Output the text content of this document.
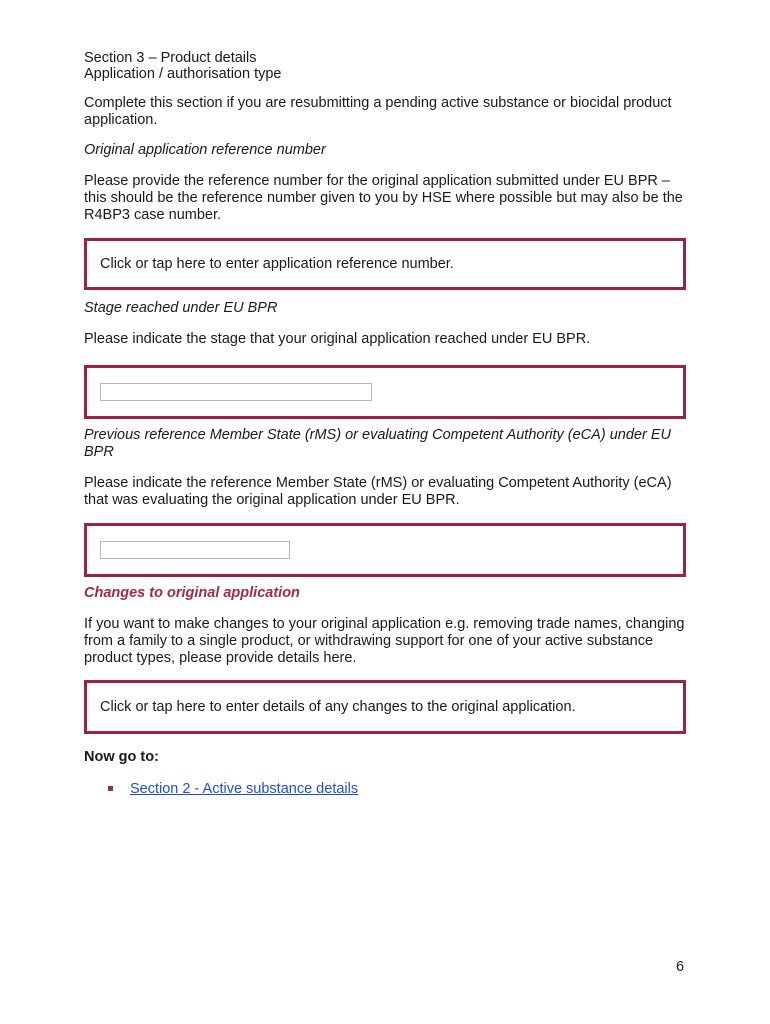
Section 3 – Product details
Application / authorisation type

Complete this section if you are resubmitting a pending active substance or biocidal product application.

Original application reference number

Please provide the reference number for the original application submitted under EU BPR – this should be the reference number given to you by HSE where possible but may also be the R4BP3 case number.

Click or tap here to enter application reference number.

Stage reached under EU BPR

Please indicate the stage that your original application reached under EU BPR.

Previous reference Member State (rMS) or evaluating Competent Authority (eCA) under EU BPR

Please indicate the reference Member State (rMS) or evaluating Competent Authority (eCA) that was evaluating the original application under EU BPR.

Changes to original application

If you want to make changes to your original application e.g. removing trade names, changing from a family to a single product, or withdrawing support for one of your active substance product types, please provide details here.

Click or tap here to enter details of any changes to the original application.

Now go to:

Section 2 - Active substance details
6
